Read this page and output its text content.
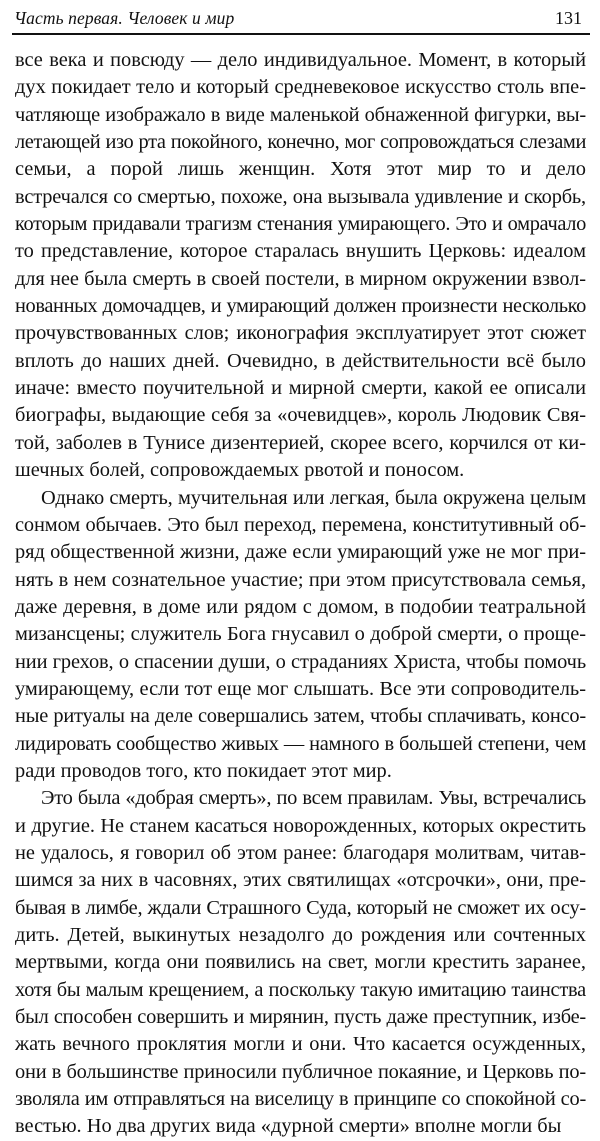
Часть первая. Человек и мир	131
все века и повсюду — дело индивидуальное. Момент, в который
дух покидает тело и который средневековое искусство столь впе-
чатляюще изображало в виде маленькой обнаженной фигурки, вы-
летающей изо рта покойного, конечно, мог сопровождаться слезами
семьи, а порой лишь женщин. Хотя этот мир то и дело
встречался со смертью, похоже, она вызывала удивление и скорбь,
которым придавали трагизм стенания умирающего. Это и омрачало
то представление, которое старалась внушить Церковь: идеалом
для нее была смерть в своей постели, в мирном окружении взвол-
нованных домочадцев, и умирающий должен произнести несколько
прочувствованных слов; иконография эксплуатирует этот сюжет
вплоть до наших дней. Очевидно, в действительности всё было
иначе: вместо поучительной и мирной смерти, какой ее описали
биографы, выдающие себя за «очевидцев», король Людовик Свя-
той, заболев в Тунисе дизентерией, скорее всего, корчился от ки-
шечных болей, сопровождаемых рвотой и поносом.
Однако смерть, мучительная или легкая, была окружена целым
сонмом обычаев. Это был переход, перемена, конститутивный об-
ряд общественной жизни, даже если умирающий уже не мог при-
нять в нем сознательное участие; при этом присутствовала семья,
даже деревня, в доме или рядом с домом, в подобии театральной
мизансцены; служитель Бога гнусавил о доброй смерти, о проще-
нии грехов, о спасении души, о страданиях Христа, чтобы помочь
умирающему, если тот еще мог слышать. Все эти сопроводитель-
ные ритуалы на деле совершались затем, чтобы сплачивать, консо-
лидировать сообщество живых — намного в большей степени, чем
ради проводов того, кто покидает этот мир.
Это была «добрая смерть», по всем правилам. Увы, встречались
и другие. Не станем касаться новорожденных, которых окрестить
не удалось, я говорил об этом ранее: благодаря молитвам, читав-
шимся за них в часовнях, этих святилищах «отсрочки», они, пре-
бывая в лимбе, ждали Страшного Суда, который не сможет их осу-
дить. Детей, выкинутых незадолго до рождения или сочтенных
мертвыми, когда они появились на свет, могли крестить заранее,
хотя бы малым крещением, а поскольку такую имитацию таинства
был способен совершить и мирянин, пусть даже преступник, избе-
жать вечного проклятия могли и они. Что касается осужденных,
они в большинстве приносили публичное покаяние, и Церковь по-
зволяла им отправляться на виселицу в принципе со спокойной со-
вестью. Но два других вида «дурной смерти» вполне могли бы
